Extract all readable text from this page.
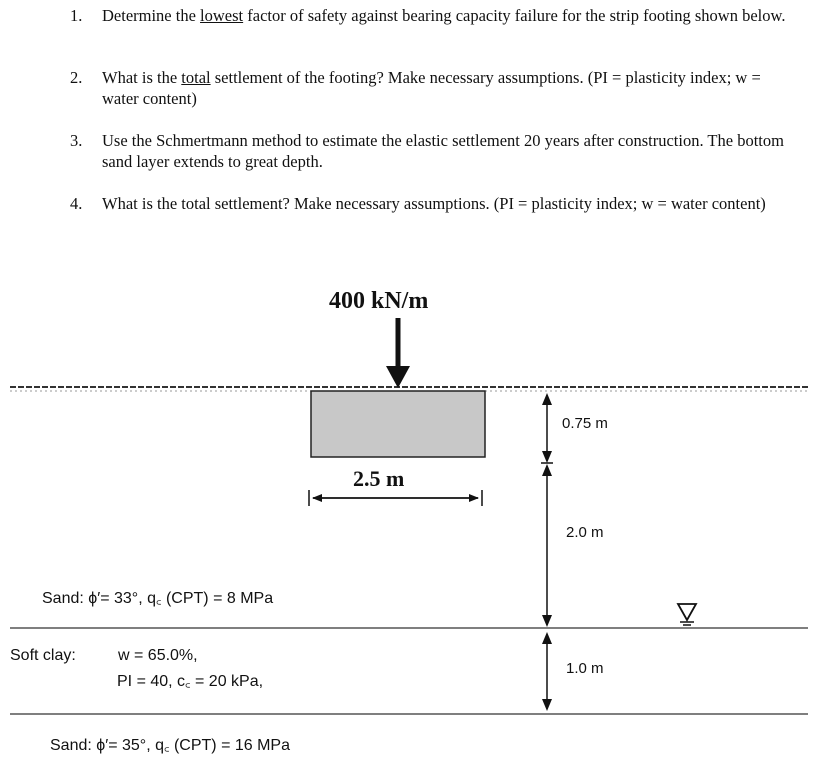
1. Determine the lowest factor of safety against bearing capacity failure for the strip footing shown below.
2. What is the total settlement of the footing? Make necessary assumptions. (PI = plasticity index; w = water content)
3. Use the Schmertmann method to estimate the elastic settlement 20 years after construction. The bottom sand layer extends to great depth.
4. What is the total settlement? Make necessary assumptions. (PI = plasticity index; w = water content)
400 kN/m
2.5 m
0.75 m
2.0 m
1.0 m
Sand: ϕ′= 33°, q꜀ (CPT) = 8 MPa
Soft clay:	w = 65.0%,
PI = 40, c꜀ = 20 kPa,
Sand: ϕ′= 35°, q꜀ (CPT) = 16 MPa
